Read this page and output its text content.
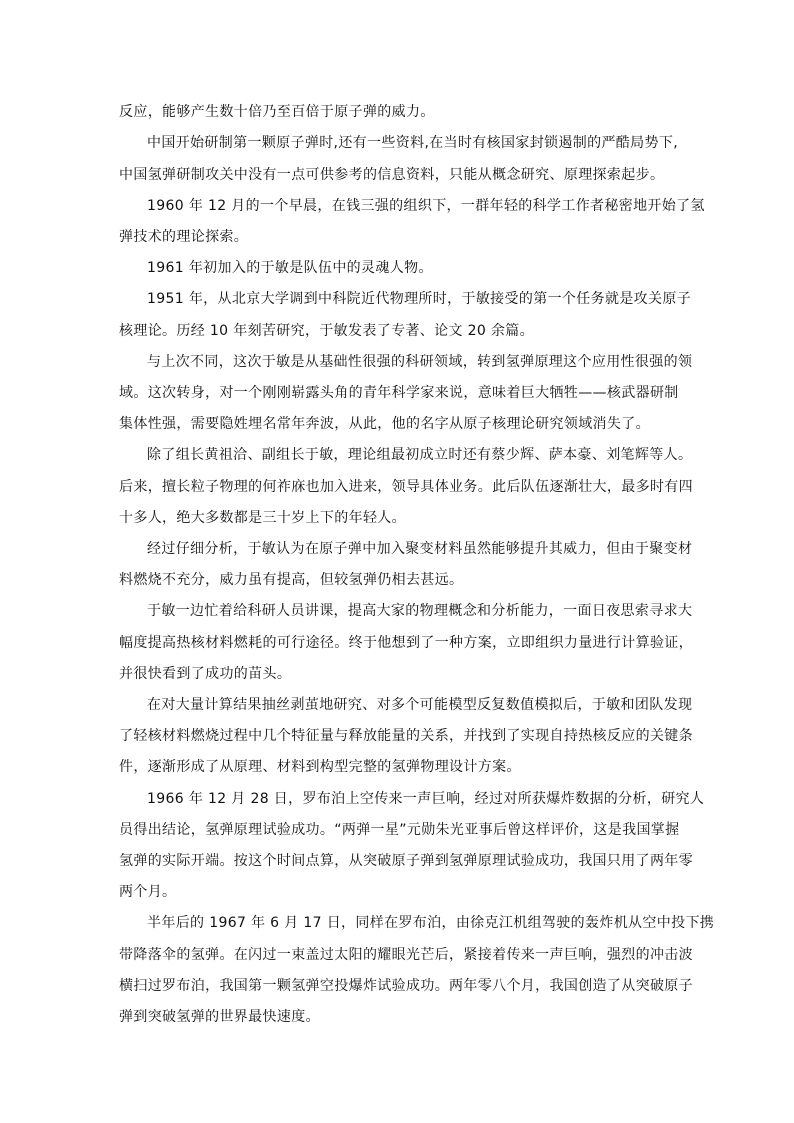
反应，能够产生数十倍乃至百倍于原子弹的威力。
中国开始研制第一颗原子弹时,还有一些资料,在当时有核国家封锁遏制的严酷局势下,
中国氢弹研制攻关中没有一点可供参考的信息资料，只能从概念研究、原理探索起步。
1960 年 12 月的一个早晨，在钱三强的组织下，一群年轻的科学工作者秘密地开始了氢
弹技术的理论探索。
1961 年初加入的于敏是队伍中的灵魂人物。
1951 年，从北京大学调到中科院近代物理所时，于敏接受的第一个任务就是攻关原子
核理论。历经 10 年刻苦研究，于敏发表了专著、论文 20 余篇。
与上次不同，这次于敏是从基础性很强的科研领域，转到氢弹原理这个应用性很强的领
域。这次转身，对一个刚刚崭露头角的青年科学家来说，意味着巨大牺牲——核武器研制
集体性强，需要隐姓埋名常年奔波，从此，他的名字从原子核理论研究领域消失了。
除了组长黄祖洽、副组长于敏，理论组最初成立时还有蔡少辉、萨本豪、刘笔辉等人。
后来，擅长粒子物理的何祚庥也加入进来，领导具体业务。此后队伍逐渐壮大，最多时有四
十多人，绝大多数都是三十岁上下的年轻人。
经过仔细分析，于敏认为在原子弹中加入聚变材料虽然能够提升其威力，但由于聚变材
料燃烧不充分，威力虽有提高，但较氢弹仍相去甚远。
于敏一边忙着给科研人员讲课，提高大家的物理概念和分析能力，一面日夜思索寻求大
幅度提高热核材料燃耗的可行途径。终于他想到了一种方案，立即组织力量进行计算验证，
并很快看到了成功的苗头。
在对大量计算结果抽丝剥茧地研究、对多个可能模型反复数值模拟后，于敏和团队发现
了轻核材料燃烧过程中几个特征量与释放能量的关系，并找到了实现自持热核反应的关键条
件，逐渐形成了从原理、材料到构型完整的氢弹物理设计方案。
1966 年 12 月 28 日，罗布泊上空传来一声巨响，经过对所获爆炸数据的分析，研究人
员得出结论，氢弹原理试验成功。“两弹一星”元勋朱光亚事后曾这样评价，这是我国掌握
氢弹的实际开端。按这个时间点算，从突破原子弹到氢弹原理试验成功，我国只用了两年零
两个月。
半年后的 1967 年 6 月 17 日，同样在罗布泊，由徐克江机组驾驶的轰炸机从空中投下携
带降落伞的氢弹。在闪过一束盖过太阳的耀眼光芒后，紧接着传来一声巨响，强烈的冲击波
横扫过罗布泊，我国第一颗氢弹空投爆炸试验成功。两年零八个月，我国创造了从突破原子
弹到突破氢弹的世界最快速度。
